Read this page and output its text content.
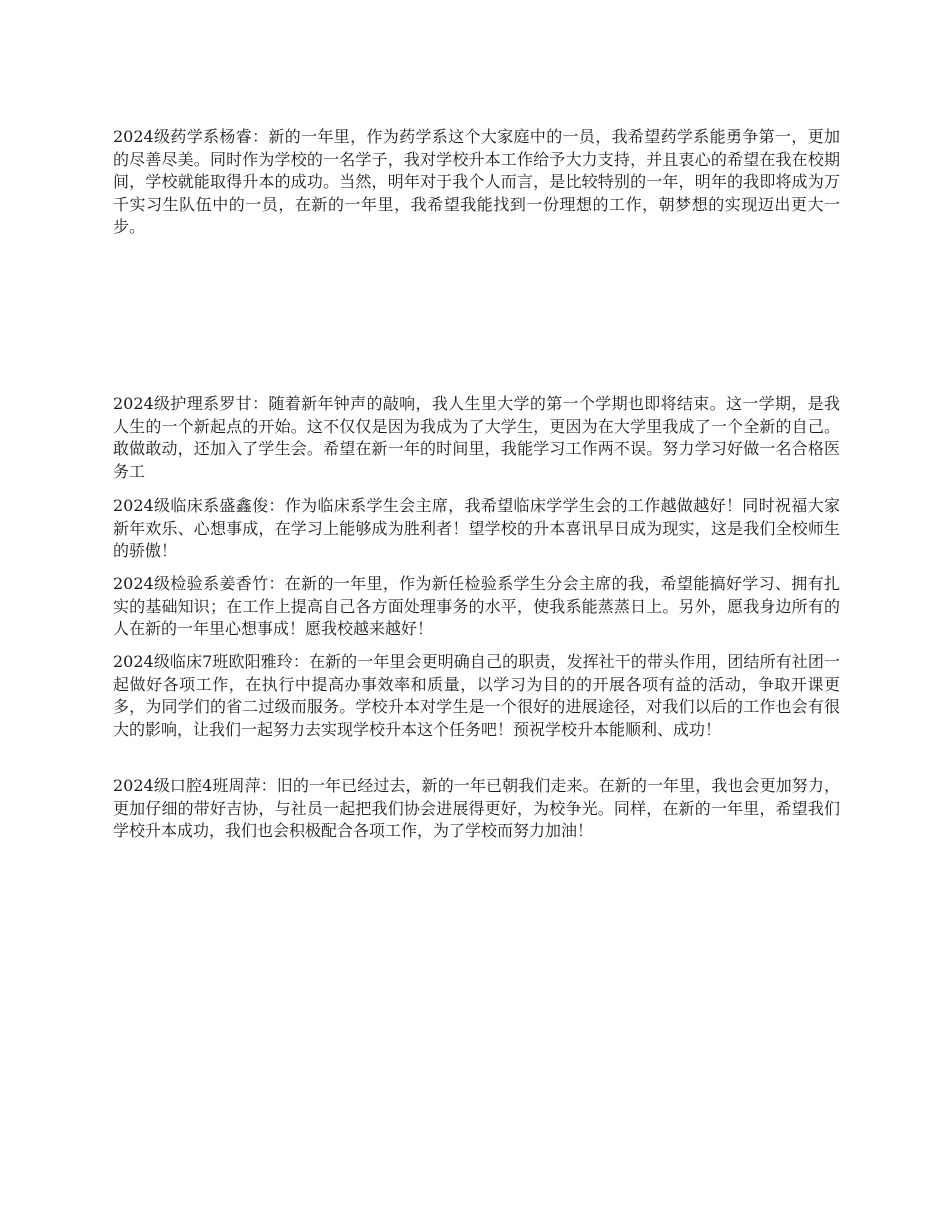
2024级药学系杨睿：新的一年里，作为药学系这个大家庭中的一员，我希望药学系能勇争第一，更加的尽善尽美。同时作为学校的一名学子，我对学校升本工作给予大力支持，并且衷心的希望在我在校期间，学校就能取得升本的成功。当然，明年对于我个人而言，是比较特别的一年，明年的我即将成为万千实习生队伍中的一员，在新的一年里，我希望我能找到一份理想的工作，朝梦想的实现迈出更大一步。

2024级护理系罗甘：随着新年钟声的敲响，我人生里大学的第一个学期也即将结束。这一学期，是我人生的一个新起点的开始。这不仅仅是因为我成为了大学生，更因为在大学里我成了一个全新的自己。敢做敢动，还加入了学生会。希望在新一年的时间里，我能学习工作两不误。努力学习好做一名合格医务工

2024级临床系盛鑫俊：作为临床系学生会主席，我希望临床学学生会的工作越做越好！同时祝福大家新年欢乐、心想事成，在学习上能够成为胜利者！望学校的升本喜讯早日成为现实，这是我们全校师生的骄傲！

2024级检验系姜香竹：在新的一年里，作为新任检验系学生分会主席的我，希望能搞好学习、拥有扎实的基础知识；在工作上提高自己各方面处理事务的水平，使我系能蒸蒸日上。另外，愿我身边所有的人在新的一年里心想事成！愿我校越来越好！

2024级临床7班欧阳雅玲：在新的一年里会更明确自己的职责，发挥社干的带头作用，团结所有社团一起做好各项工作，在执行中提高办事效率和质量，以学习为目的的开展各项有益的活动，争取开课更多，为同学们的省二过级而服务。学校升本对学生是一个很好的进展途径，对我们以后的工作也会有很大的影响，让我们一起努力去实现学校升本这个任务吧！预祝学校升本能顺利、成功！

2024级口腔4班周萍：旧的一年已经过去，新的一年已朝我们走来。在新的一年里，我也会更加努力，更加仔细的带好吉协，与社员一起把我们协会进展得更好，为校争光。同样，在新的一年里，希望我们学校升本成功，我们也会积极配合各项工作，为了学校而努力加油！
